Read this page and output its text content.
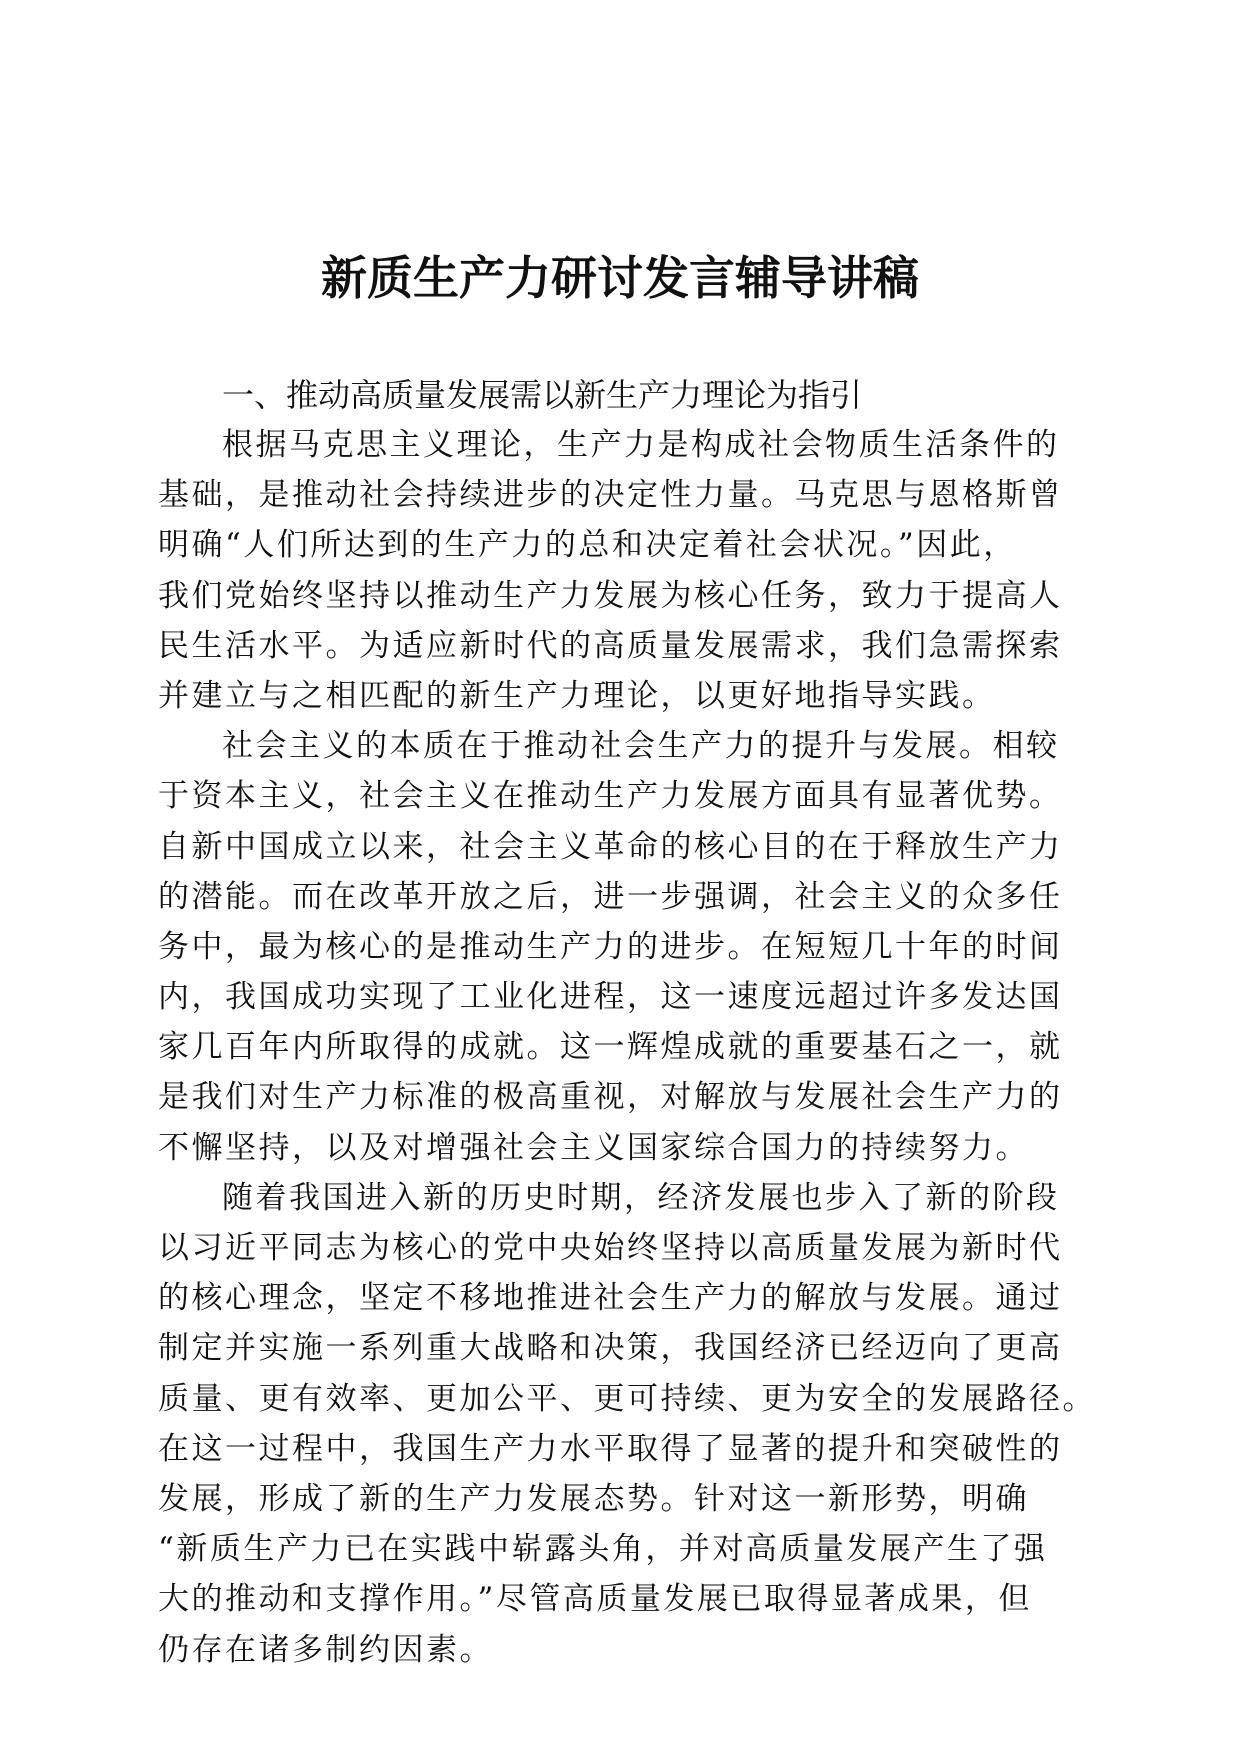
新质生产力研讨发言辅导讲稿
一、推动高质量发展需以新生产力理论为指引

根据马克思主义理论，生产力是构成社会物质生活条件的
基础，是推动社会持续进步的决定性力量。马克思与恩格斯曾
明确“人们所达到的生产力的总和决定着社会状况。”因此，
我们党始终坚持以推动生产力发展为核心任务，致力于提高人
民生活水平。为适应新时代的高质量发展需求，我们急需探索
并建立与之相匹配的新生产力理论，以更好地指导实践。

社会主义的本质在于推动社会生产力的提升与发展。相较
于资本主义，社会主义在推动生产力发展方面具有显著优势。
自新中国成立以来，社会主义革命的核心目的在于释放生产力
的潜能。而在改革开放之后，进一步强调，社会主义的众多任
务中，最为核心的是推动生产力的进步。在短短几十年的时间
内，我国成功实现了工业化进程，这一速度远超过许多发达国
家几百年内所取得的成就。这一辉煌成就的重要基石之一，就
是我们对生产力标准的极高重视，对解放与发展社会生产力的
不懈坚持，以及对增强社会主义国家综合国力的持续努力。

随着我国进入新的历史时期，经济发展也步入了新的阶段
以习近平同志为核心的党中央始终坚持以高质量发展为新时代
的核心理念，坚定不移地推进社会生产力的解放与发展。通过
制定并实施一系列重大战略和决策，我国经济已经迈向了更高
质量、更有效率、更加公平、更可持续、更为安全的发展路径。
在这一过程中，我国生产力水平取得了显著的提升和突破性的
发展，形成了新的生产力发展态势。针对这一新形势，明确
“新质生产力已在实践中崭露头角，并对高质量发展产生了强
大的推动和支撑作用。”尽管高质量发展已取得显著成果，但
仍存在诸多制约因素。
